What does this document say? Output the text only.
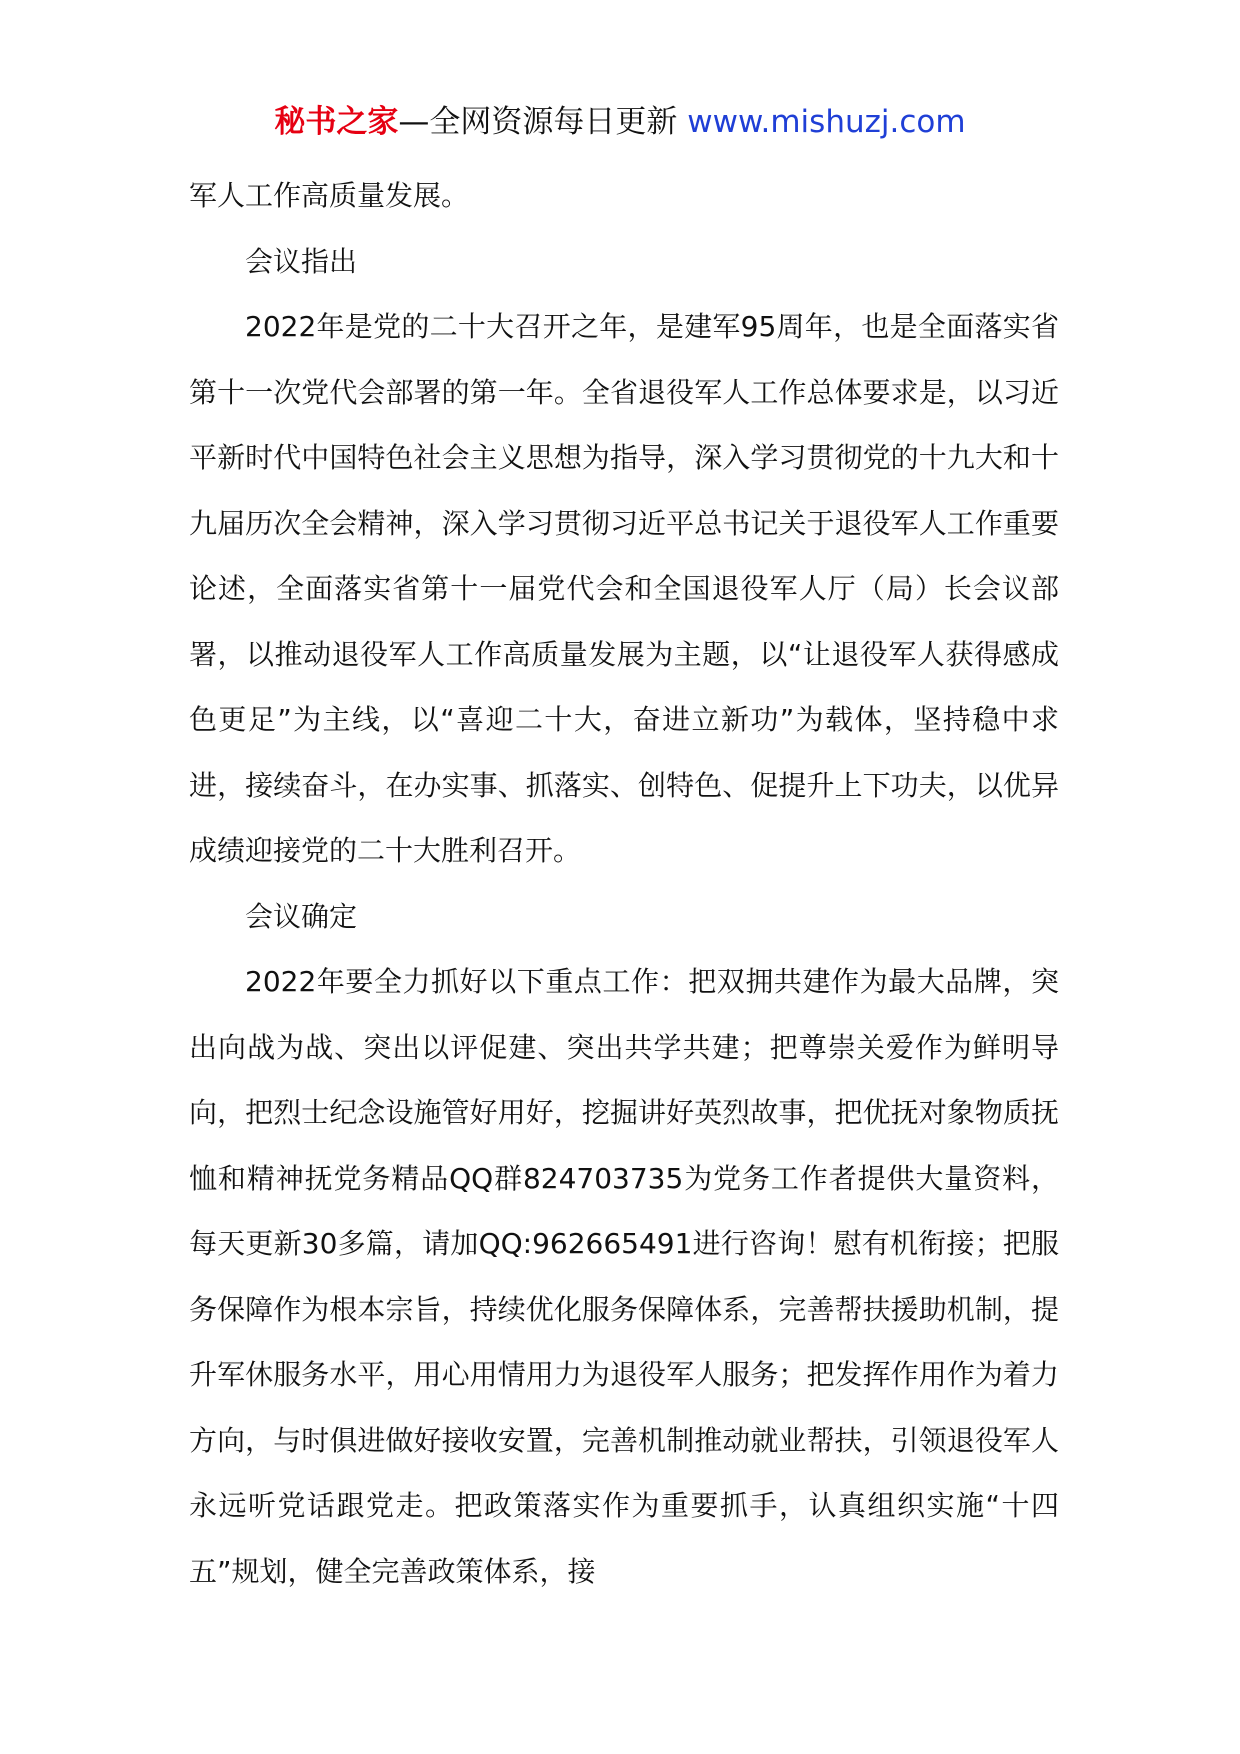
秘书之家—全网资源每日更新 www.mishuzj.com

军人工作高质量发展。

会议指出

2022年是党的二十大召开之年，是建军95周年，也是全面落实省第十一次党代会部署的第一年。全省退役军人工作总体要求是，以习近平新时代中国特色社会主义思想为指导，深入学习贯彻党的十九大和十九届历次全会精神，深入学习贯彻习近平总书记关于退役军人工作重要论述，全面落实省第十一届党代会和全国退役军人厅（局）长会议部署，以推动退役军人工作高质量发展为主题，以“让退役军人获得感成色更足”为主线，以“喜迎二十大，奋进立新功”为载体，坚持稳中求进，接续奋斗，在办实事、抓落实、创特色、促提升上下功夫，以优异成绩迎接党的二十大胜利召开。

会议确定

2022年要全力抓好以下重点工作：把双拥共建作为最大品牌，突出向战为战、突出以评促建、突出共学共建；把尊崇关爱作为鲜明导向，把烈士纪念设施管好用好，挖掘讲好英烈故事，把优抚对象物质抚恤和精神抚党务精品QQ群824703735为党务工作者提供大量资料，每天更新30多篇，请加QQ:962665491进行咨询！慰有机衔接；把服务保障作为根本宗旨，持续优化服务保障体系，完善帮扶援助机制，提升军休服务水平，用心用情用力为退役军人服务；把发挥作用作为着力方向，与时俱进做好接收安置，完善机制推动就业帮扶，引领退役军人永远听党话跟党走。把政策落实作为重要抓手，认真组织实施“十四五”规划，健全完善政策体系，接
